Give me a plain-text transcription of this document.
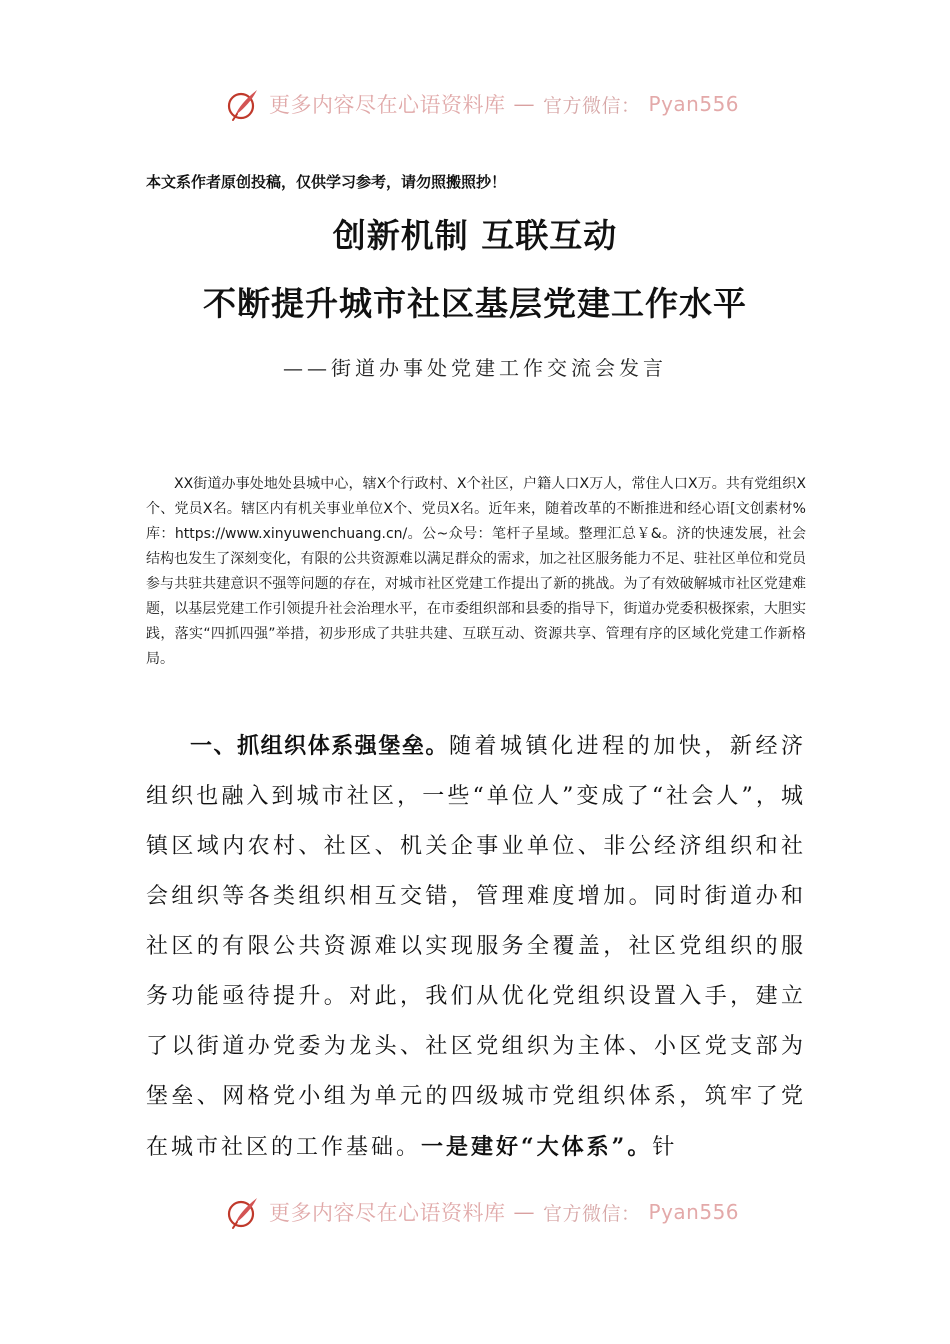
更多内容尽在心语资料库 — 官方微信： Pyan556
本文系作者原创投稿，仅供学习参考，请勿照搬照抄！
创新机制 互联互动
不断提升城市社区基层党建工作水平
——街道办事处党建工作交流会发言

XX街道办事处地处县城中心，辖X个行政村、X个社区，户籍人口X万人，常住人口X万。共有党组织X个、党员X名。辖区内有机关事业单位X个、党员X名。近年来，随着改革的不断推进和经心语[文创素材%库：https://www.xinyuwenchuang.cn/。公~众号：笔杆子星域。整理汇总￥&。济的快速发展，社会结构也发生了深刻变化，有限的公共资源难以满足群众的需求，加之社区服务能力不足、驻社区单位和党员参与共驻共建意识不强等问题的存在，对城市社区党建工作提出了新的挑战。为了有效破解城市社区党建难题，以基层党建工作引领提升社会治理水平，在市委组织部和县委的指导下，街道办党委积极探索，大胆实践，落实“四抓四强”举措，初步形成了共驻共建、互联互动、资源共享、管理有序的区域化党建工作新格局。

一、抓组织体系强堡垒。随着城镇化进程的加快，新经济组织也融入到城市社区，一些“单位人”变成了“社会人”，城镇区域内农村、社区、机关企事业单位、非公经济组织和社会组织等各类组织相互交错，管理难度增加。同时街道办和社区的有限公共资源难以实现服务全覆盖，社区党组织的服务功能亟待提升。对此，我们从优化党组织设置入手，建立了以街道办党委为龙头、社区党组织为主体、小区党支部为堡垒、网格党小组为单元的四级城市党组织体系，筑牢了党在城市社区的工作基础。一是建好“大体系”。针

更多内容尽在心语资料库 — 官方微信： Pyan556
